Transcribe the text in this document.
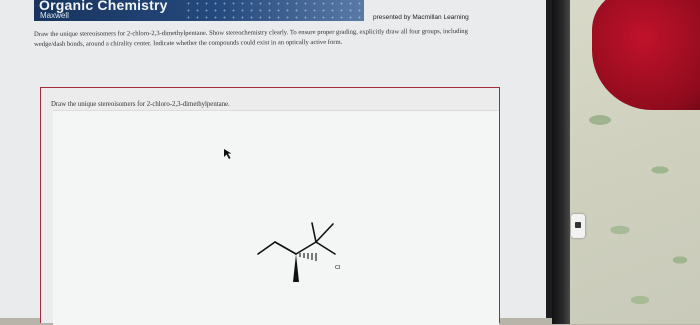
Organic Chemistry
Maxwell	presented by Macmillan Learning
Draw the unique stereoisomers for 2-chloro-2,3-dimethylpentane. Show stereochemistry clearly. To ensure proper grading, explicitly draw all four groups, including wedge/dash bonds, around a chirality center. Indicate whether the compounds could exist in an optically active form.
Draw the unique stereoisomers for 2-chloro-2,3-dimethylpentane.
Cl
